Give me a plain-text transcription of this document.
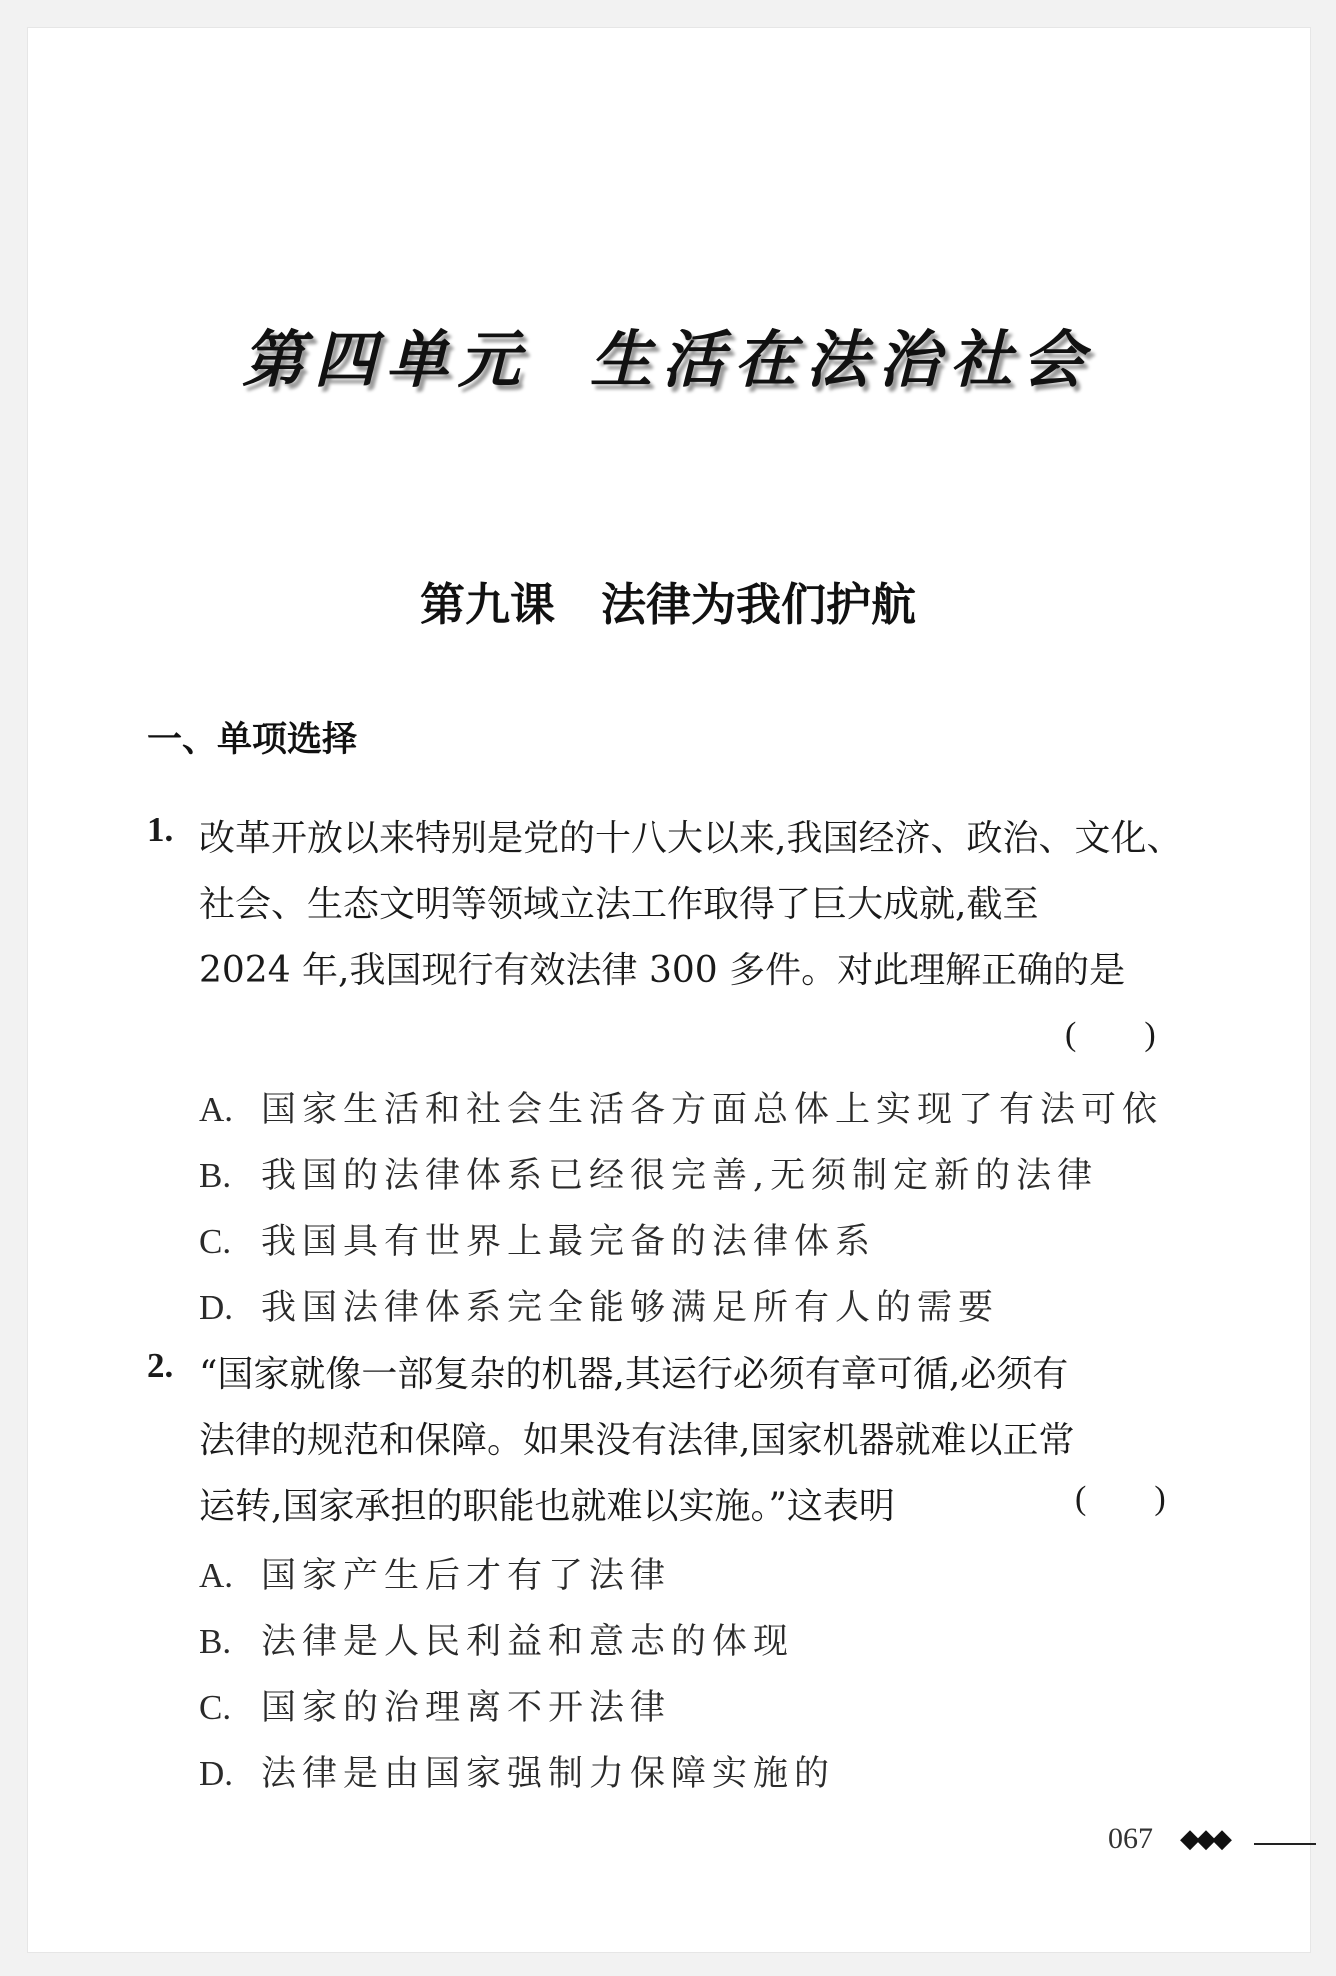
第四单元 生活在法治社会
第九课 法律为我们护航
一、单项选择
1. 改革开放以来特别是党的十八大以来,我国经济、政治、文化、
社会、生态文明等领域立法工作取得了巨大成就,截至
2024 年,我国现行有效法律 300 多件。对此理解正确的是
(        )
A. 国家生活和社会生活各方面总体上实现了有法可依
B. 我国的法律体系已经很完善,无须制定新的法律
C. 我国具有世界上最完备的法律体系
D. 我国法律体系完全能够满足所有人的需要
2. “国家就像一部复杂的机器,其运行必须有章可循,必须有
法律的规范和保障。如果没有法律,国家机器就难以正常
运转,国家承担的职能也就难以实施。”这表明	(        )
A. 国家产生后才有了法律
B. 法律是人民利益和意志的体现
C. 国家的治理离不开法律
D. 法律是由国家强制力保障实施的
067 ◆◆◆
